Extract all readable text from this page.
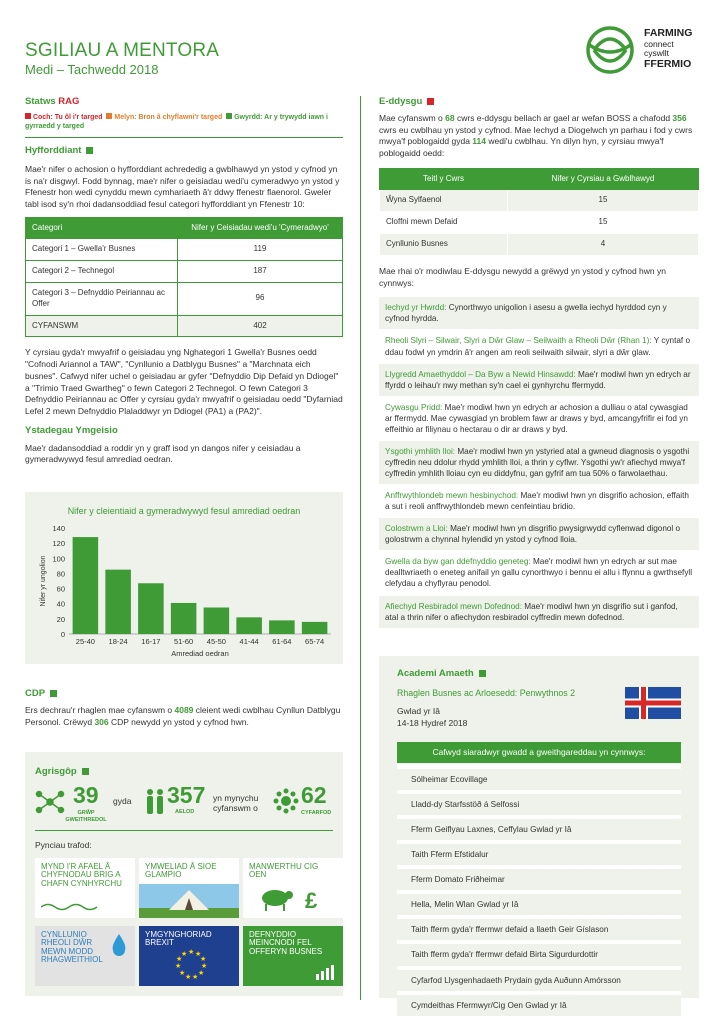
SGILIAU A MENTORA
Medi – Tachwedd 2018
FARMING
connect
cyswllt
FFERMIO
Statws RAG
Coch: Tu ôl i'r targed Melyn: Bron â chyflawni'r targed Gwyrdd: Ar y trywydd iawn i gyrraedd y targed
Hyfforddiant

Mae'r nifer o achosion o hyfforddiant achrededig a gwblhawyd yn ystod y cyfnod yn is na'r disgwyl. Fodd bynnag, mae'r nifer o geisiadau wedi'u cymeradwyo yn ystod y Ffenestr hon wedi cynyddu mewn cymhariaeth â'r ddwy ffenestr flaenorol. Gweler tabl isod sy'n rhoi dadansoddiad fesul categori hyfforddiant yn Ffenestr 10:

Categori	Nifer y Ceisiadau wedi'u 'Cymeradwyo'
Categori 1 – Gwella'r Busnes	119
Categori 2 – Technegol	187
Categori 3 – Defnyddio Peiriannau ac Offer	96
CYFANSWM	402

Y cyrsiau gyda'r mwyafrif o geisiadau yng Nghategori 1 Gwella'r Busnes oedd "Cofnodi Ariannol a TAW", "Cynllunio a Datblygu Busnes" a "Marchnata eich busnes". Cafwyd nifer uchel o geisiadau ar gyfer "Defnyddio Dip Defaid yn Ddiogel" a "Trimio Traed Gwartheg" o fewn Categori 2 Technegol. O fewn Categori 3 Defnyddio Peiriannau ac Offer y cyrsiau gyda'r mwyafrif o geisiadau oedd "Dyfarniad Lefel 2 mewn Defnyddio Plaladdwyr yn Ddiogel (PA1) a (PA2)".

Ystadegau Ymgeisio

Mae'r dadansoddiad a roddir yn y graff isod yn dangos nifer y ceisiadau a gymeradwywyd fesul amrediad oedran.

Nifer y cleientiaid a gymeradwywyd fesul amrediad oedran
0
20
40
60
80
100
120
140
25-40 18-24 16-17 51-60 45-50 41-44 61-64 65-74
Amrediad oedran
Nifer yr ungolion
CDP

Ers dechrau'r rhaglen mae cyfanswm o 4089 cleient wedi cwblhau Cynllun Datblygu Personol. Crëwyd 306 CDP newydd yn ystod y cyfnod hwn.

Agrisgôp
39 gyda
GRŴP GWEITHREDOL
357
AELOD
yn mynychu cyfanswm o	62
CYFARFOD
Pynciau trafod:
MYND I'R AFAEL Â CHYFNODAU BRIG A CHAFN CYNHYRCHU
YMWELIAD Â SIOE GLAMPIO
MANWERTHU CIG OEN
£
CYNLLUNIO RHEOLI DŴR MEWN MODD RHAGWEITHIOL
YMGYNGHORIAD BREXIT
★ ★
★
★
★
★
★
★
★
★
★
DEFNYDDIO MEINCNODI FEL OFFERYN BUSNES
E-ddysgu

Mae cyfanswm o 68 cwrs e-ddysgu bellach ar gael ar wefan BOSS a chafodd 356 cwrs eu cwblhau yn ystod y cyfnod. Mae Iechyd a Diogelwch yn parhau i fod y cwrs mwya'f poblogaidd gyda 114 wedi'u cwblhau. Yn dilyn hyn, y cyrsiau mwya'f poblogaidd oedd:

Teitl y Cwrs	Nifer y Cyrsiau a Gwblhawyd
Ŵyna Sylfaenol	15
Cloffni mewn Defaid	15
Cynllunio Busnes	4

Mae rhai o'r modiwlau E-ddysgu newydd a grëwyd yn ystod y cyfnod hwn yn cynnwys:

Iechyd yr Hwrdd: Cynorthwyo unigolion i asesu a gwella iechyd hyrddod cyn y cyfnod hyrdda.

Rheoli Slyri – Silwair, Slyri a Dŵr Glaw – Seilwaith a Rheoli Dŵr (Rhan 1): Y cyntaf o ddau fodwl yn ymdrin â'r angen am reoli seilwaith silwair, slyri a dŵr glaw.

Llygredd Amaethyddol – Da Byw a Newid Hinsawdd: Mae'r modiwl hwn yn edrych ar ffyrdd o leihau'r nwy methan sy'n cael ei gynhyrchu ffermydd.

Cywasgu Pridd: Mae'r modiwl hwn yn edrych ar achosion a dulliau o atal cywasgiad ar ffermydd. Mae cywasgiad yn broblem fawr ar draws y byd, amcangyfrifir ei fod yn effeithio ar filiynau o hectarau o dir ar draws y byd.

Ysgothi ymhlith lloi: Mae'r modiwl hwn yn ystyried atal a gwneud diagnosis o ysgothi cyffredin neu ddolur rhydd ymhlith lloi, a thrin y cyflwr. Ysgothi yw'r afiechyd mwya'f cyffredin ymhlith lloiau cyn eu diddyfnu, gan gyfrif am tua 50% o farwolaethau.

Anffrwythlondeb mewn hesbinychod: Mae'r modiwl hwn yn disgrifio achosion, effaith a sut i reoli anffrwythlondeb mewn cenfeintiau bridio.

Colostrwm a Lloi: Mae'r modiwl hwn yn disgrifio pwysigrwydd cyflenwad digonol o golostrwm a chynnal hylendid yn ystod y cyfnod lloia.

Gwella da byw gan ddefnyddio geneteg: Mae'r modiwl hwn yn edrych ar sut mae dealltwriaeth o eneteg anifail yn gallu cynorthwyo i bennu ei allu i ffynnu a gwrthsefyll clefydau a chyflyrau penodol.

Afiechyd Resbiradol mewn Dofednod: Mae'r modiwl hwn yn disgrifio sut i ganfod, atal a thrin nifer o afiechydon resbiradol cyffredin mewn dofednod.

Academi Amaeth
Rhaglen Busnes ac Arloesedd: Penwythnos 2
Gwlad yr Iâ
14-18 Hydref 2018
Cafwyd siaradwyr gwadd a gweithgareddau yn cynnwys:

Sólheimar Ecovillage

Lladd-dy Starfsstöð á Selfossi

Fferm Geiflyau Laxnes, Ceffylau Gwlad yr Iâ

Taith Fferm Efstidalur

Fferm Domato Friðheimar

Hella, Melin Wlan Gwlad yr Iâ

Taith fferm gyda'r ffermwr defaid a llaeth Geir Gíslason

Taith fferm gyda'r ffermwr defaid Birta Sigurdurdottir

Cyfarfod Llysgenhadaeth Prydain gyda Auðunn Amórsson

Cymdeithas Ffermwyr/Cig Oen Gwlad yr Iâ
